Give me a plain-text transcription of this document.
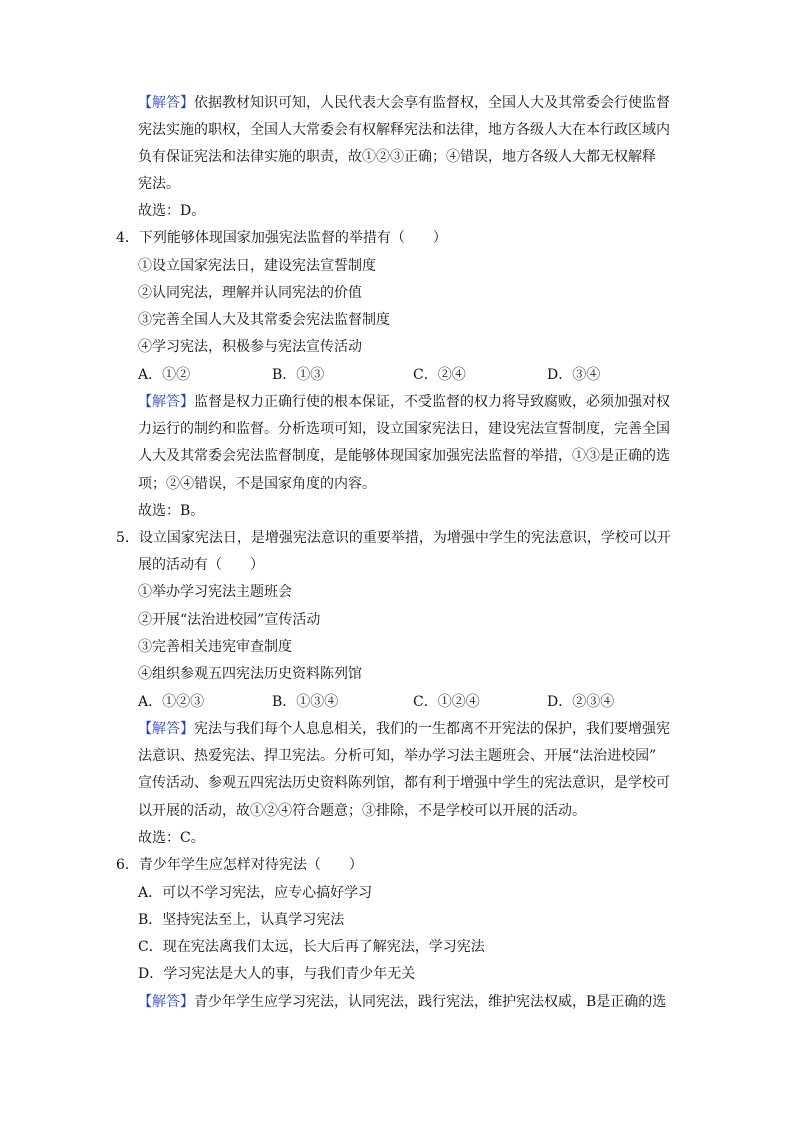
【解答】依据教材知识可知，人民代表大会享有监督权，全国人大及其常委会行使监督
宪法实施的职权，全国人大常委会有权解释宪法和法律，地方各级人大在本行政区域内
负有保证宪法和法律实施的职责，故①②③正确；④错误，地方各级人大都无权解释
宪法。
故选：D。
4．下列能够体现国家加强宪法监督的举措有（　　）
①设立国家宪法日，建设宪法宣誓制度
②认同宪法，理解并认同宪法的价值
③完善全国人大及其常委会宪法监督制度
④学习宪法，积极参与宪法宣传活动
A．①②	B．①③	C．②④	D．③④
【解答】监督是权力正确行使的根本保证，不受监督的权力将导致腐败，必须加强对权
力运行的制约和监督。分析选项可知，设立国家宪法日，建设宪法宣誓制度，完善全国
人大及其常委会宪法监督制度，是能够体现国家加强宪法监督的举措，①③是正确的选
项；②④错误，不是国家角度的内容。
故选：B。
5．设立国家宪法日，是增强宪法意识的重要举措，为增强中学生的宪法意识，学校可以开
展的活动有（　　）
①举办学习宪法主题班会
②开展“法治进校园”宣传活动
③完善相关违宪审查制度
④组织参观五四宪法历史资料陈列馆
A．①②③	B．①③④	C．①②④	D．②③④
【解答】宪法与我们每个人息息相关，我们的一生都离不开宪法的保护，我们要增强宪
法意识、热爱宪法、捍卫宪法。分析可知，举办学习法主题班会、开展“法治进校园”
宣传活动、参观五四宪法历史资料陈列馆，都有利于增强中学生的宪法意识，是学校可
以开展的活动，故①②④符合题意；③排除，不是学校可以开展的活动。
故选：C。
6．青少年学生应怎样对待宪法（　　）
A．可以不学习宪法，应专心搞好学习
B．坚持宪法至上，认真学习宪法
C．现在宪法离我们太远，长大后再了解宪法，学习宪法
D．学习宪法是大人的事，与我们青少年无关
【解答】青少年学生应学习宪法，认同宪法，践行宪法，维护宪法权威，B是正确的选
